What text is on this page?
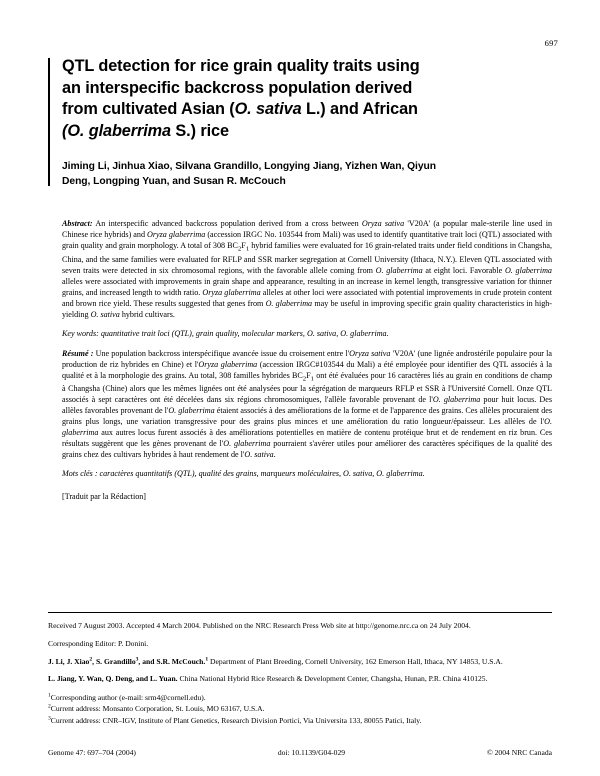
697
QTL detection for rice grain quality traits using
an interspecific backcross population derived
from cultivated Asian (O. sativa L.) and African
(O. glaberrima S.) rice
Jiming Li, Jinhua Xiao, Silvana Grandillo, Longying Jiang, Yizhen Wan, Qiyun
Deng, Longping Yuan, and Susan R. McCouch

Abstract: An interspecific advanced backcross population derived from a cross between Oryza sativa 'V20A' (a popular male-sterile line used in Chinese rice hybrids) and Oryza glaberrima (accession IRGC No. 103544 from Mali) was used to identify quantitative trait loci (QTL) associated with grain quality and grain morphology. A total of 308 $BC_2F_1$ hybrid families were evaluated for 16 grain-related traits under field conditions in Changsha, China, and the same families were evaluated for RFLP and SSR marker segregation at Cornell University (Ithaca, N.Y.). Eleven QTL associated with seven traits were detected in six chromosomal regions, with the favorable allele coming from O. glaberrima at eight loci. Favorable O. glaberrima alleles were associated with improvements in grain shape and appearance, resulting in an increase in kernel length, transgressive variation for thinner grains, and increased length to width ratio. Oryza glaberrima alleles at other loci were associated with potential improvements in crude protein content and brown rice yield. These results suggested that genes from O. glaberrima may be useful in improving specific grain quality characteristics in high-yielding O. sativa hybrid cultivars.

Key words: quantitative trait loci (QTL), grain quality, molecular markers, O. sativa, O. glaberrima.

Résumé : Une population backcross interspécifique avancée issue du croisement entre l'Oryza sativa 'V20A' (une lignée androstérile populaire pour la production de riz hybrides en Chine) et l'Oryza glaberrima (accession IRGC#103544 du Mali) a été employée pour identifier des QTL associés à la qualité et à la morphologie des grains. Au total, 308 familles hybrides $BC_2F_1$ ont été évaluées pour 16 caractères liés au grain en conditions de champ à Changsha (Chine) alors que les mêmes lignées ont été analysées pour la ségrégation de marqueurs RFLP et SSR à l'Université Cornell. Onze QTL associés à sept caractères ont été décelées dans six régions chromosomiques, l'allèle favorable provenant de l'O. glaberrima pour huit locus. Des allèles favorables provenant de l'O. glaberrima étaient associés à des améliorations de la forme et de l'apparence des grains. Ces allèles procuraient des grains plus longs, une variation transgressive pour des grains plus minces et une amélioration du ratio longueur/épaisseur. Les allèles de l'O. glaberrima aux autres locus furent associés à des améliorations potentielles en matière de contenu protéique brut et de rendement en riz brun. Ces résultats suggèrent que les gènes provenant de l'O. glaberrima pourraient s'avérer utiles pour améliorer des caractères spécifiques de la qualité des grains chez des cultivars hybrides à haut rendement de l'O. sativa.

Mots clés : caractères quantitatifs (QTL), qualité des grains, marqueurs moléculaires, O. sativa, O. glaberrima.

[Traduit par la Rédaction]

Received 7 August 2003. Accepted 4 March 2004. Published on the NRC Research Press Web site at http://genome.nrc.ca on 24 July 2004.

Corresponding Editor: P. Donini.

J. Li, J. Xiao$^2$, S. Grandillo$^3$, and S.R. McCouch.$^1$ Department of Plant Breeding, Cornell University, 162 Emerson Hall, Ithaca, NY 14853, U.S.A.

L. Jiang, Y. Wan, Q. Deng, and L. Yuan. China National Hybrid Rice Research & Development Center, Changsha, Hunan, P.R. China 410125.

$^1$Corresponding author (e-mail: srm4@cornell.edu).

$^2$Current address: Monsanto Corporation, St. Louis, MO 63167, U.S.A.

$^3$Current address: CNR–IGV, Institute of Plant Genetics, Research Division Portici, Via Universita 133, 80055 Patici, Italy.

Genome 47: 697–704 (2004)	doi: 10.1139/G04-029	© 2004 NRC Canada
